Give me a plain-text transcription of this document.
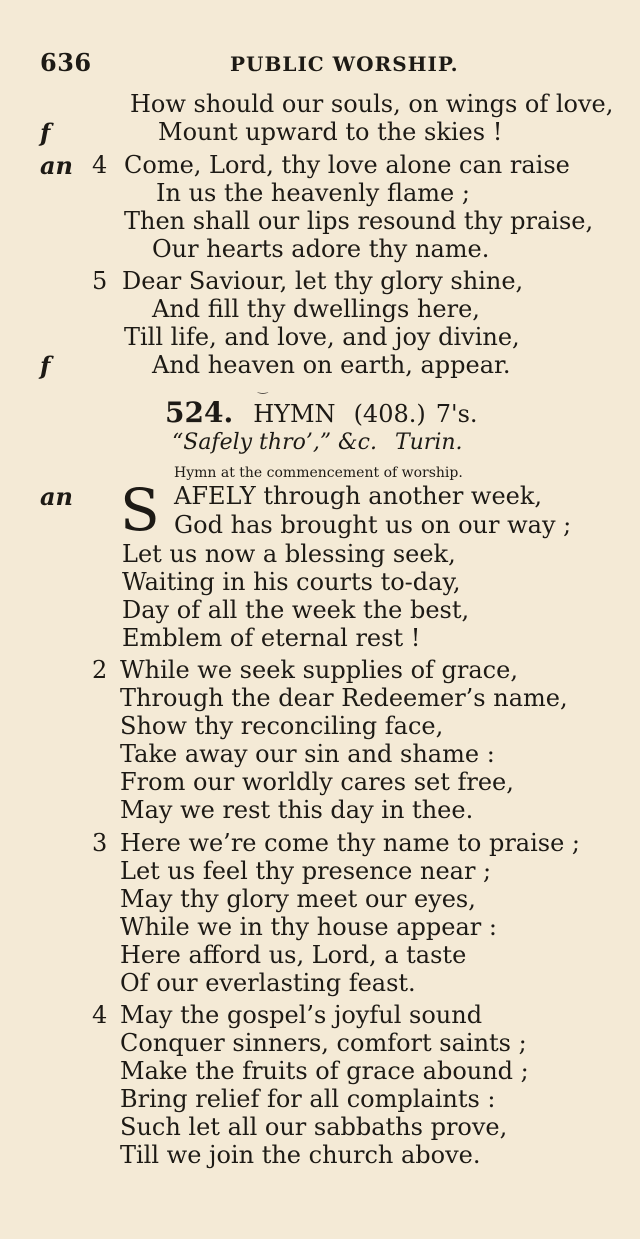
636	PUBLIC WORSHIP.
How should our souls, on wings of love,
f	Mount upward to the skies !
an 4 Come, Lord, thy love alone can raise
In us the heavenly flame ;
Then shall our lips resound thy praise,
Our hearts adore thy name.
5 Dear Saviour, let thy glory shine,
And fill thy dwellings here,
Till life, and love, and joy divine,
f	And heaven on earth, appear.
‿
524. HYMN (408.) 7's.
“Safely thro’,” &c. Turin.
Hymn at the commencement of worship.
S
an	AFELY through another week,
God has brought us on our way ;
Let us now a blessing seek,
Waiting in his courts to-day,
Day of all the week the best,
Emblem of eternal rest !
2 While we seek supplies of grace,
Through the dear Redeemer’s name,
Show thy reconciling face,
Take away our sin and shame :
From our worldly cares set free,
May we rest this day in thee.
3 Here we’re come thy name to praise ;
Let us feel thy presence near ;
May thy glory meet our eyes,
While we in thy house appear :
Here afford us, Lord, a taste
Of our everlasting feast.
4 May the gospel’s joyful sound
Conquer sinners, comfort saints ;
Make the fruits of grace abound ;
Bring relief for all complaints :
Such let all our sabbaths prove,
Till we join the church above.
